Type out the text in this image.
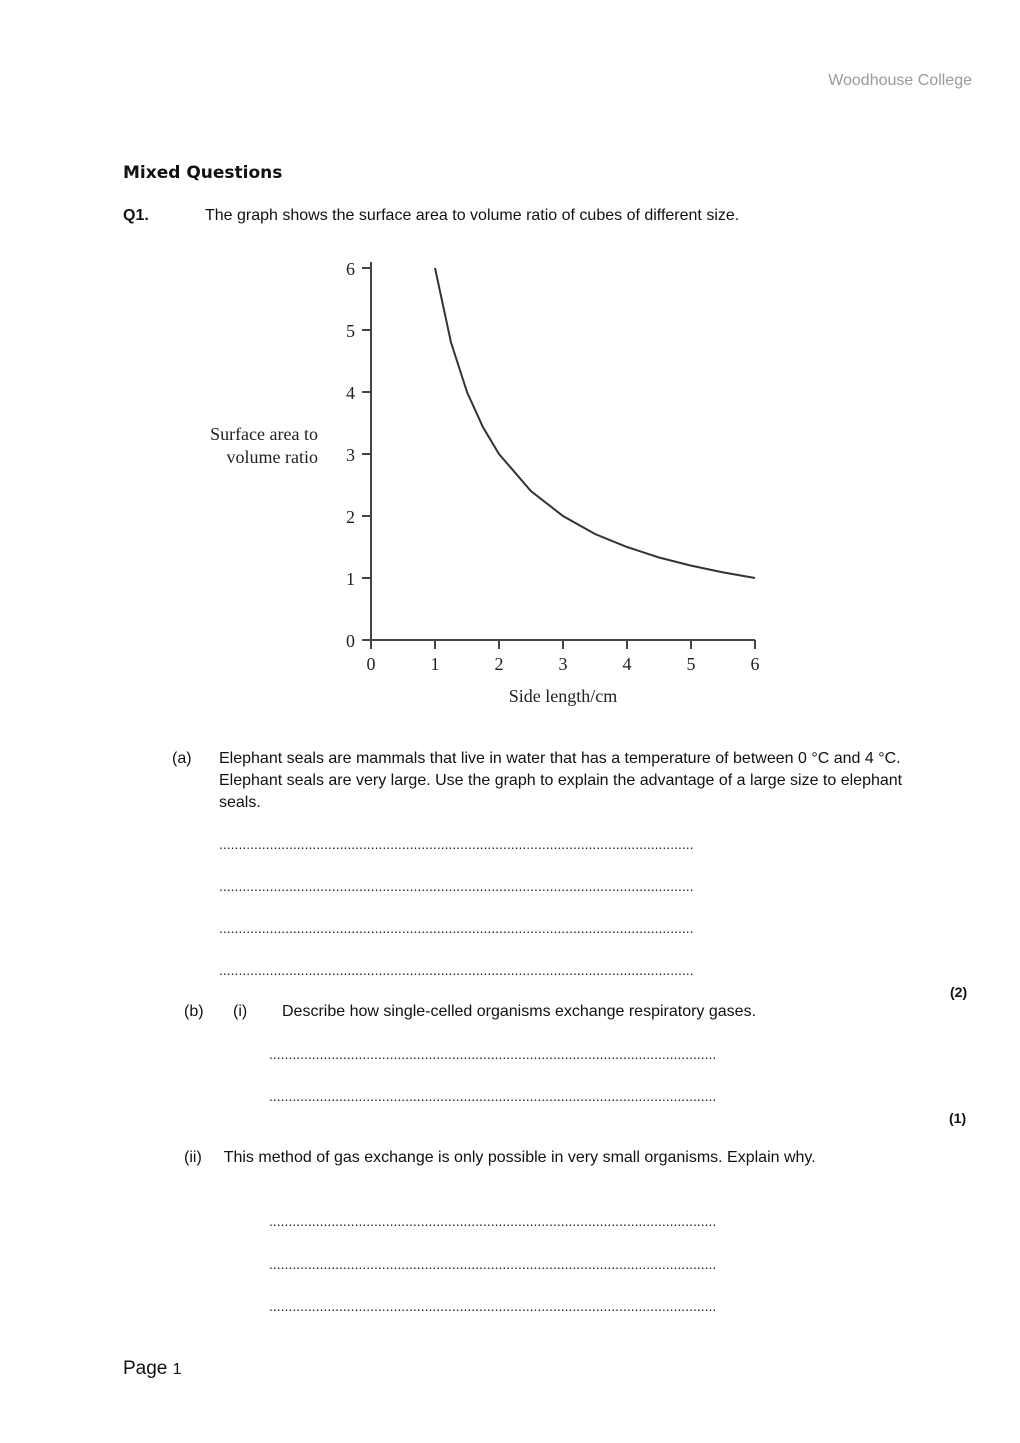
Woodhouse College
Mixed Questions
Q1.	The graph shows the surface area to volume ratio of cubes of different size.
0
1
2
3
4
5
6
0	1	2	3	4	5	6
Side length/cm
Surface area to
volume ratio
(a) Elephant seals are mammals that live in water that has a temperature of between 0 °C and 4 °C. Elephant seals are very large. Use the graph to explain the advantage of a large size to elephant seals.
..........................................................................................................................
..........................................................................................................................
..........................................................................................................................
..........................................................................................................................
(2)
(b) (i) Describe how single-celled organisms exchange respiratory gases.
...................................................................................................................
...................................................................................................................
(1)
(ii)     This method of gas exchange is only possible in very small organisms. Explain why.
...................................................................................................................
...................................................................................................................
...................................................................................................................
Page 1
